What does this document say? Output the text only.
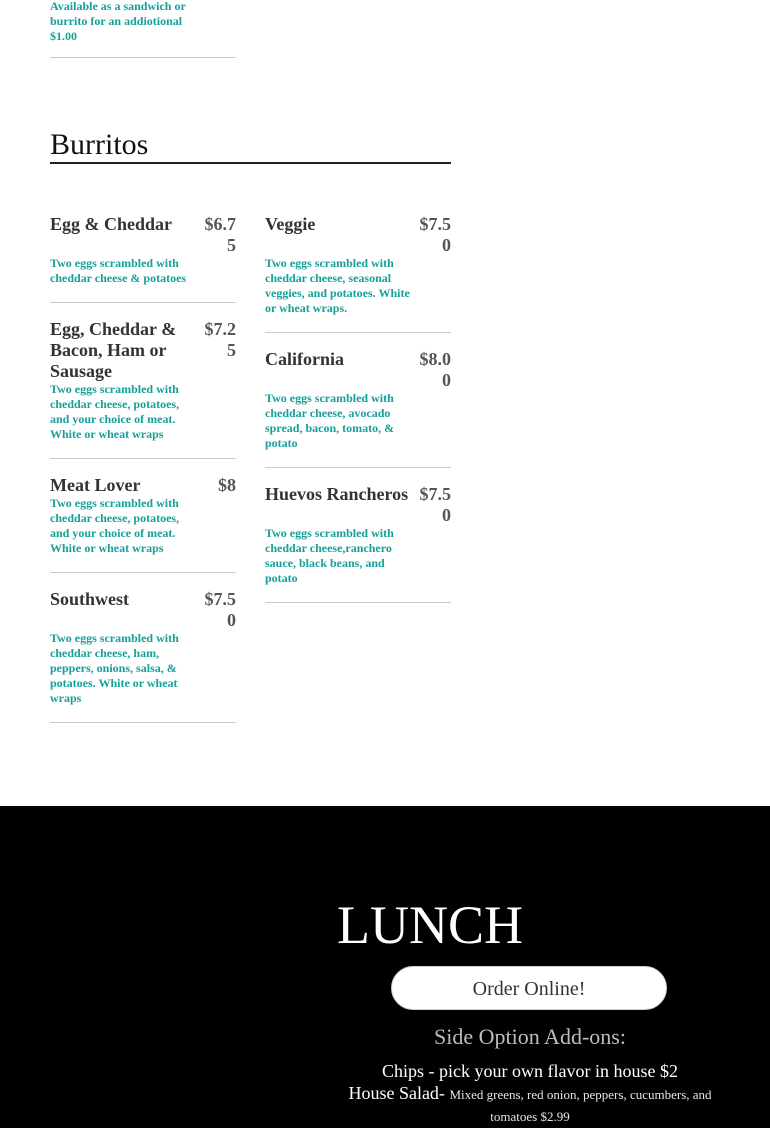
Available as a sandwich or burrito for an addiotional $1.00
Burritos
Egg & Cheddar	$6.75
Two eggs scrambled with cheddar cheese & potatoes
Egg, Cheddar & Bacon, Ham or Sausage
$7.25
Two eggs scrambled with cheddar cheese, potatoes, and your choice of meat. White or wheat wraps
Meat Lover	$8
Two eggs scrambled with cheddar cheese, potatoes, and your choice of meat. White or wheat wraps
Southwest	$7.50
Two eggs scrambled with cheddar cheese, ham, peppers, onions, salsa, & potatoes. White or wheat wraps
Veggie	$7.50
Two eggs scrambled with cheddar cheese, seasonal veggies, and potatoes. White or wheat wraps.
California	$8.00
Two eggs scrambled with cheddar cheese, avocado spread, bacon, tomato, & potato
Huevos Rancheros $7.50
Two eggs scrambled with cheddar cheese,ranchero sauce, black beans, and potato
LUNCH
Order Online!
Side Option Add-ons:
Chips - pick your own flavor in house $2
House Salad- Mixed greens, red onion, peppers, cucumbers, and tomatoes $2.99
